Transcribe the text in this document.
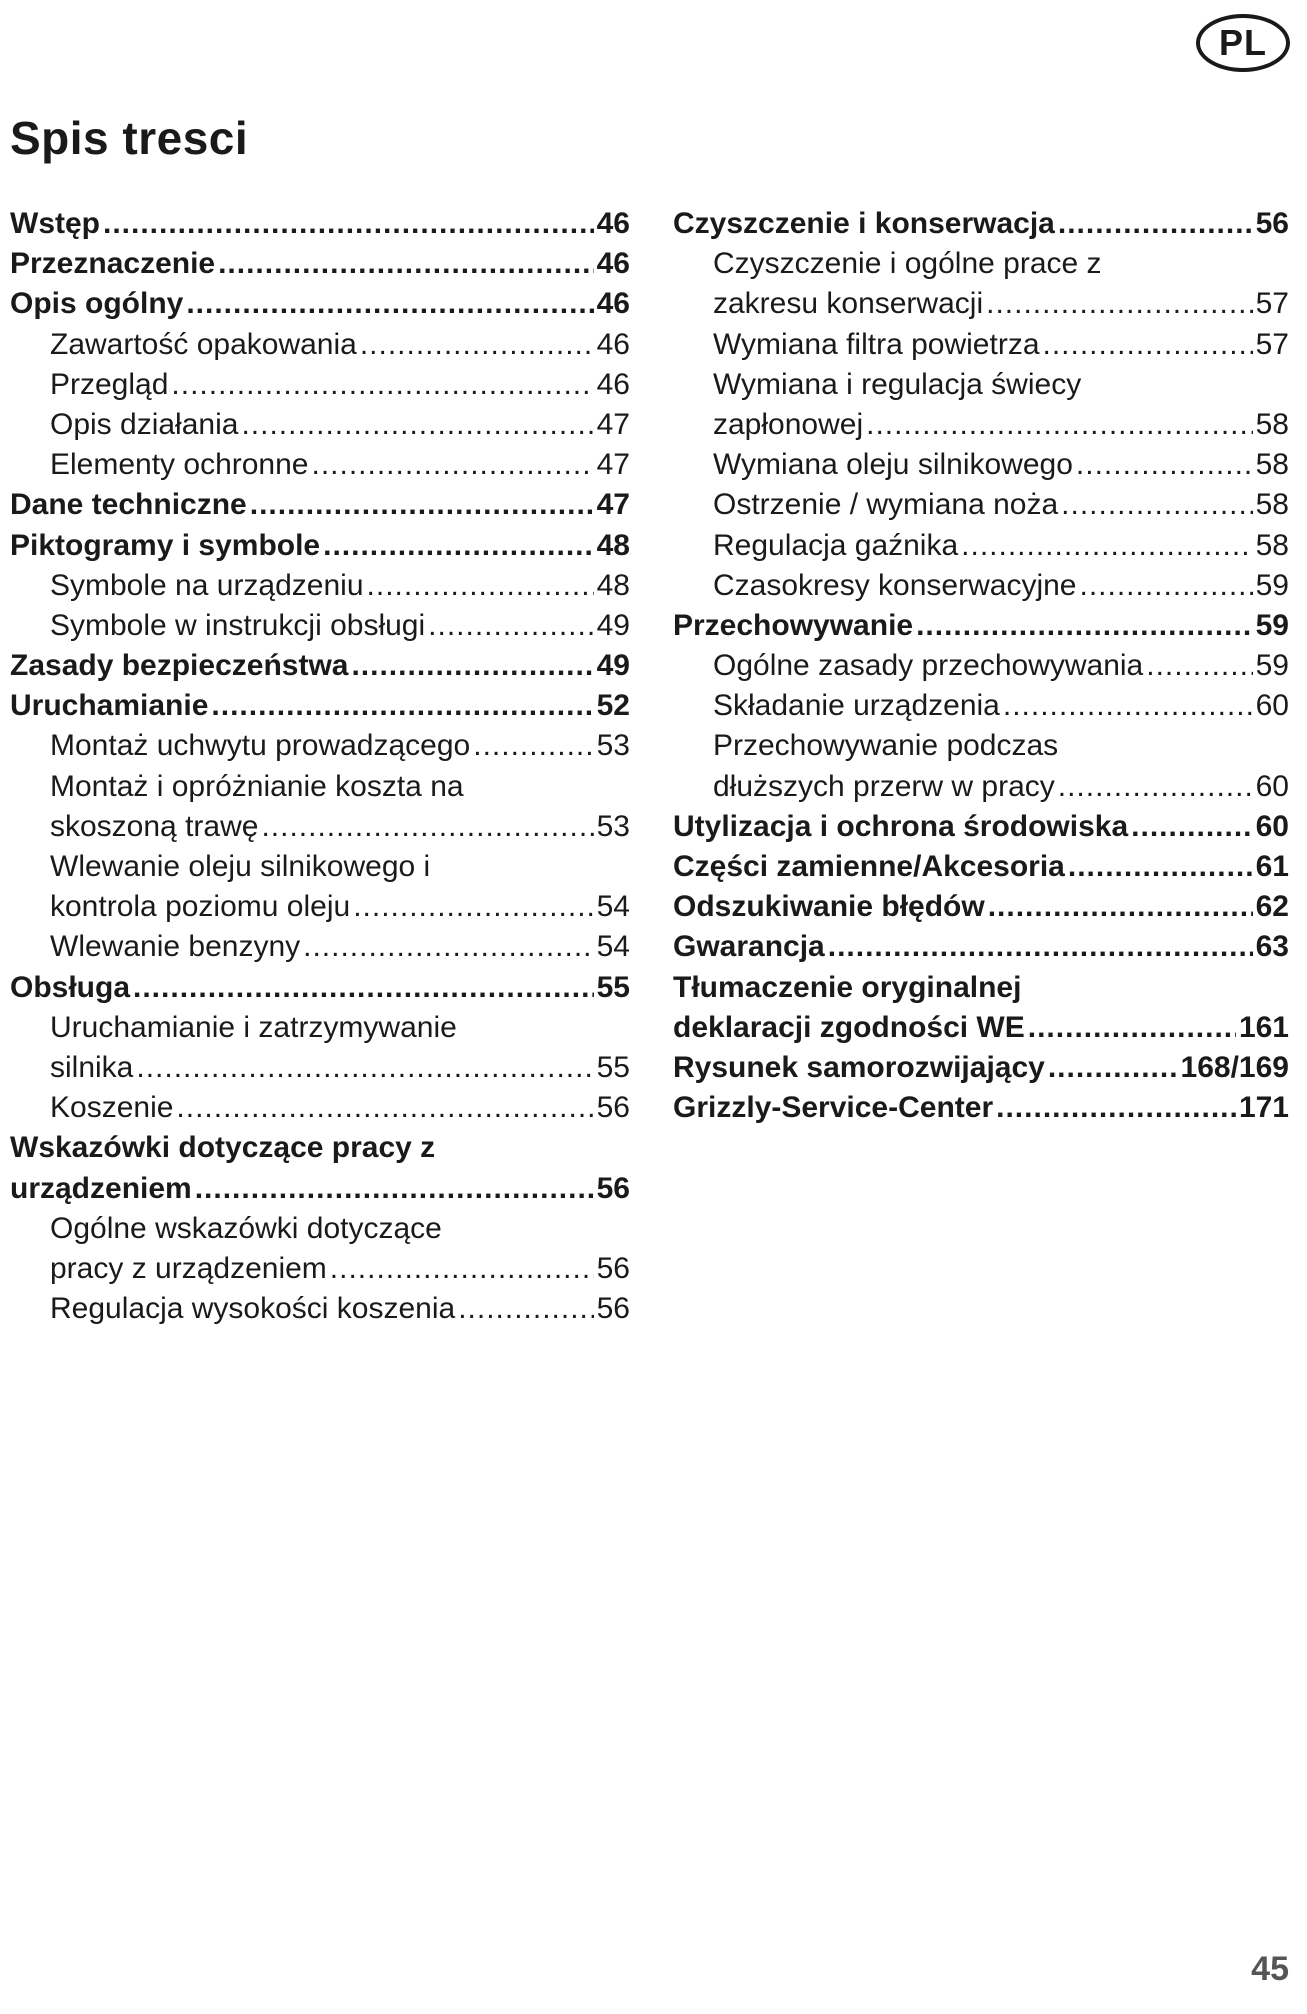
PL
Spis tresci
Wstęp .....	46
Przeznaczenie .....	46
Opis ogólny .....	46
Zawartość opakowania .....	46
Przegląd .....	46
Opis działania .....	47
Elementy ochronne .....	47
Dane techniczne .....	47
Piktogramy i symbole .....	48
Symbole na urządzeniu .....	48
Symbole w instrukcji obsługi .....	49
Zasady bezpieczeństwa .....	49
Uruchamianie .....	52
Montaż uchwytu prowadzącego .....	53
Montaż i opróżnianie koszta na
skoszoną trawę .....	53
Wlewanie oleju silnikowego i
kontrola poziomu oleju .....	54
Wlewanie benzyny .....	54
Obsługa .....	55
Uruchamianie i zatrzymywanie
silnika .....	55
Koszenie .....	56
Wskazówki dotyczące pracy z
urządzeniem .....	56
Ogólne wskazówki dotyczące
pracy z urządzeniem .....	56
Regulacja wysokości koszenia .....	56
Czyszczenie i konserwacja .....	56
Czyszczenie i ogólne prace z
zakresu konserwacji .....	57
Wymiana filtra powietrza .....	57
Wymiana i regulacja świecy
zapłonowej .....	58
Wymiana oleju silnikowego .....	58
Ostrzenie / wymiana noża .....	58
Regulacja gaźnika .....	58
Czasokresy konserwacyjne .....	59
Przechowywanie .....	59
Ogólne zasady przechowywania .....	59
Składanie urządzenia .....	60
Przechowywanie podczas
dłuższych przerw w pracy .....	60
Utylizacja i ochrona środowiska .....	60
Części zamienne/Akcesoria .....	61
Odszukiwanie błędów .....	62
Gwarancja .....	63
Tłumaczenie oryginalnej
deklaracji zgodności WE .....	161
Rysunek samorozwijający .....	168/169
Grizzly-Service-Center .....	171
45
